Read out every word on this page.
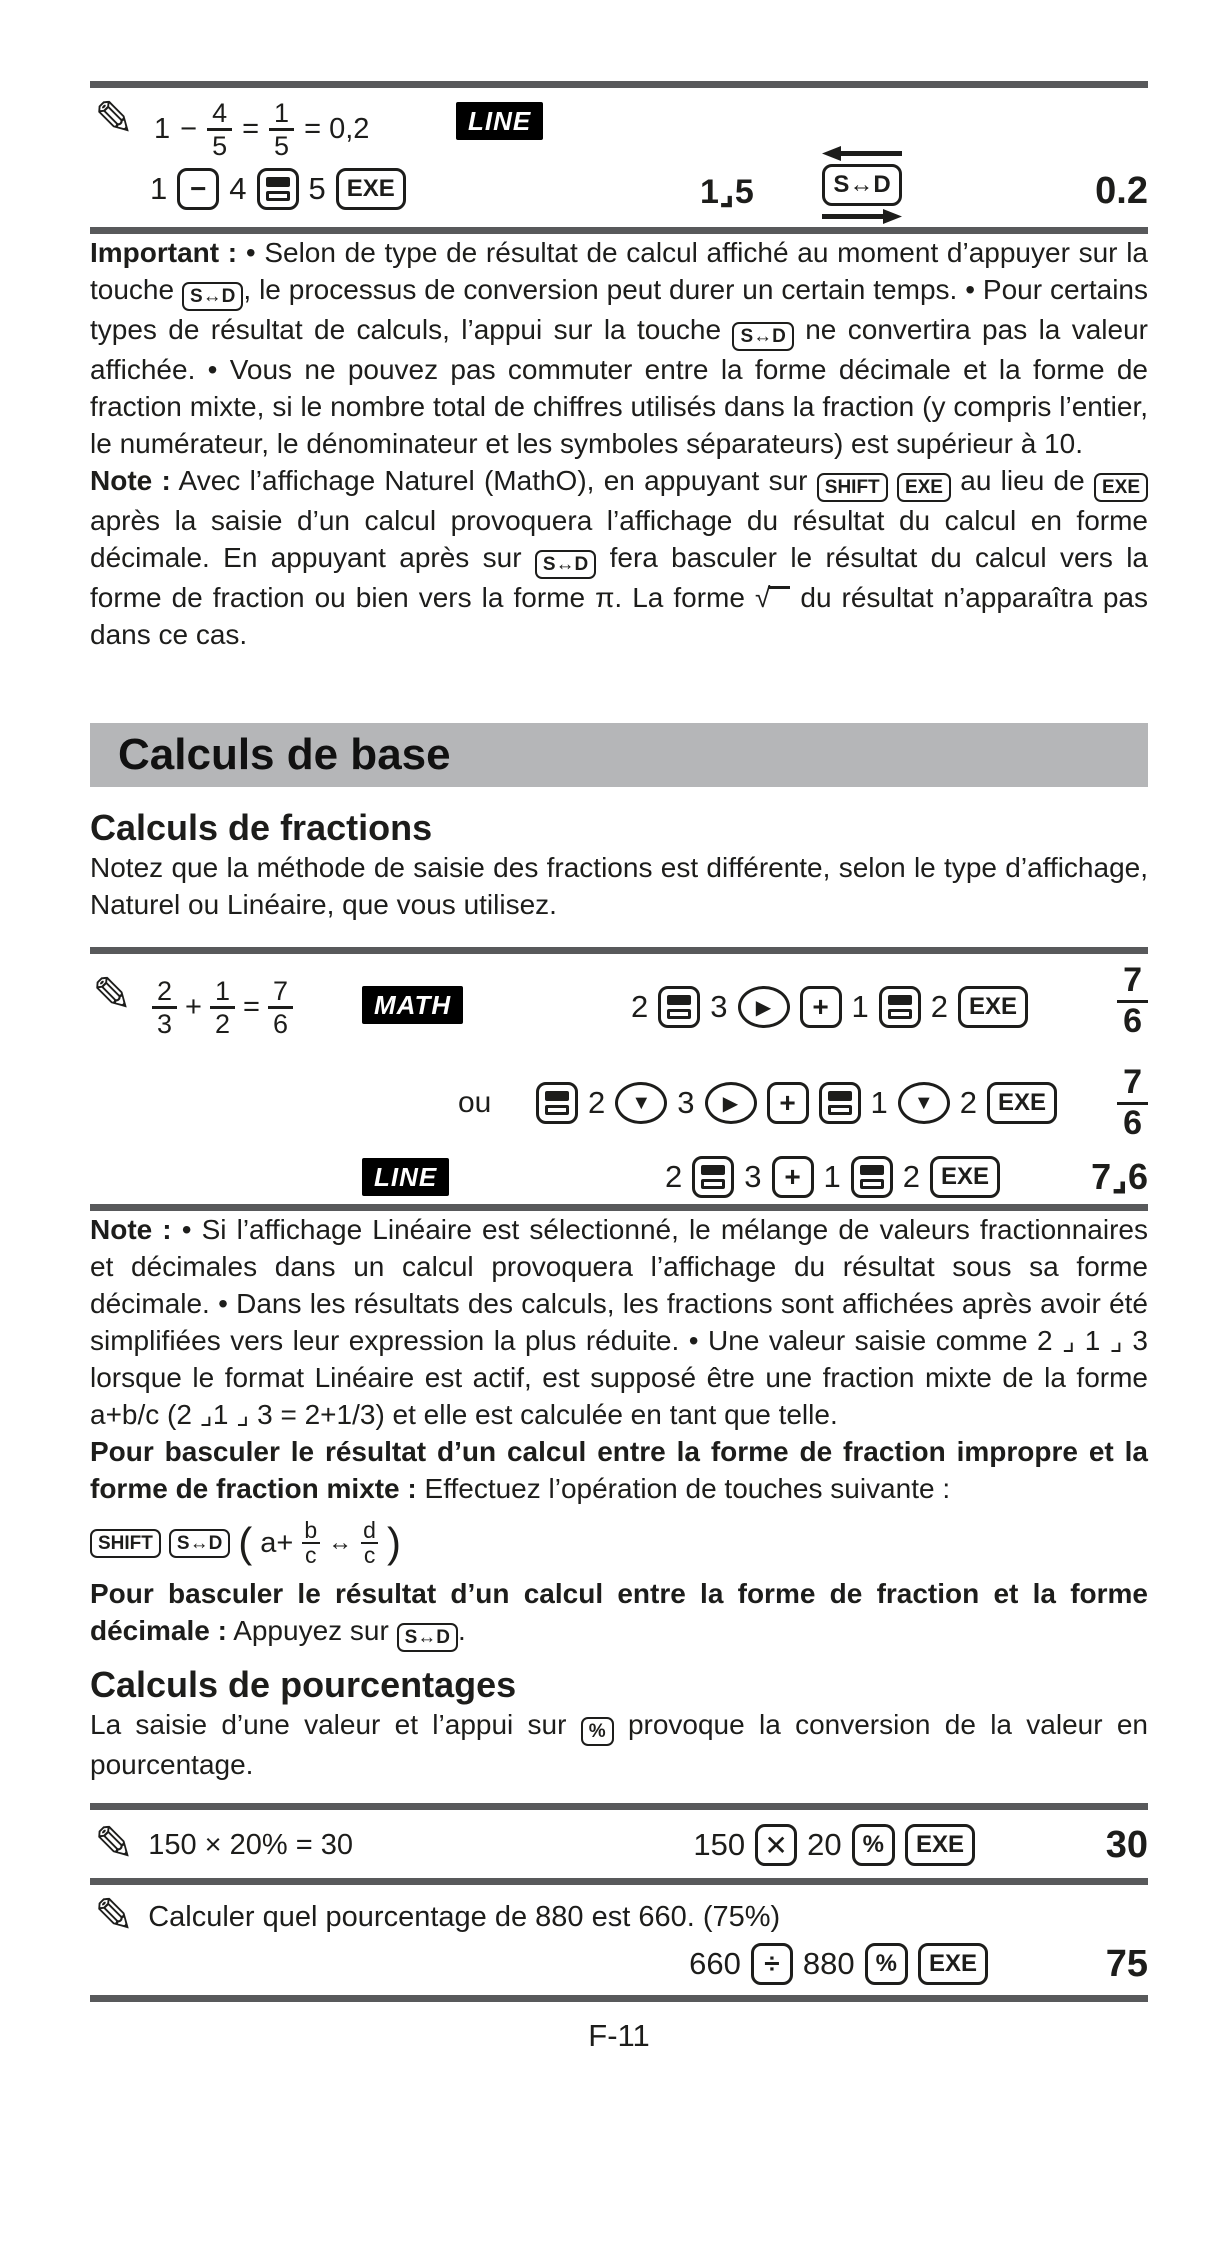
✎ $1 - \frac{4}{5} = \frac{1}{5} = 0,2$	LINE
1 − 4 5 EXE	1⌟5	S↔D	0.2

Important : • Selon de type de résultat de calcul affiché au moment d’appuyer sur la touche S↔D , le processus de conversion peut durer un certain temps. • Pour certains types de résultat de calculs, l’appui sur la touche S↔D ne convertira pas la valeur affichée. • Vous ne pouvez pas commuter entre la forme décimale et la forme de fraction mixte, si le nombre total de chiffres utilisés dans la fraction (y compris l’entier, le numérateur, le dénominateur et les symboles séparateurs) est supérieur à 10.

Note : Avec l’affichage Naturel (MathO), en appuyant sur SHIFT EXE au lieu de EXE après la saisie d’un calcul provoquera l’affichage du résultat du calcul en forme décimale. En appuyant après sur S↔D fera basculer le résultat du calcul vers la forme de fraction ou bien vers la forme π. La forme √ du résultat n’apparaîtra pas dans ce cas.

Calculs de base
Calculs de fractions

Notez que la méthode de saisie des fractions est différente, selon le type d’affichage, Naturel ou Linéaire, que vous utilisez.

✎ $\frac{2}{3} + \frac{1}{2} = \frac{7}{6}$	MATH	2 3	▶	+ 1 2 EXE	$\frac{7}{6}$
ou	2	▼ 3	▶	+	1	▼ 2 EXE	$\frac{7}{6}$
LINE	2 3 + 1 2 EXE	7⌟6

Note : • Si l’affichage Linéaire est sélectionné, le mélange de valeurs fractionnaires et décimales dans un calcul provoquera l’affichage du résultat sous sa forme décimale. • Dans les résultats des calculs, les fractions sont affichées après avoir été simplifiées vers leur expression la plus réduite. • Une valeur saisie comme 2 ⌟ 1 ⌟ 3 lorsque le format Linéaire est actif, est supposé être une fraction mixte de la forme a+b/c (2 ⌟1 ⌟ 3 = 2+1/3) et elle est calculée en tant que telle.

Pour basculer le résultat d’un calcul entre la forme de fraction impropre et la forme de fraction mixte : Effectuez l’opération de touches suivante :

SHIFT	S↔D ( $a+ \frac{b}{c}$ ↔ $\frac{d}{c}$ )

Pour basculer le résultat d’un calcul entre la forme de fraction et la forme décimale : Appuyez sur S↔D .

Calculs de pourcentages

La saisie d’une valeur et l’appui sur % provoque la conversion de la valeur en pourcentage.

✎ 150 × 20% = 30	150 ✕ 20 %	EXE	30
✎ Calculer quel pourcentage de 880 est 660. (75%)
660 ÷ 880 %	EXE	75
F-11
